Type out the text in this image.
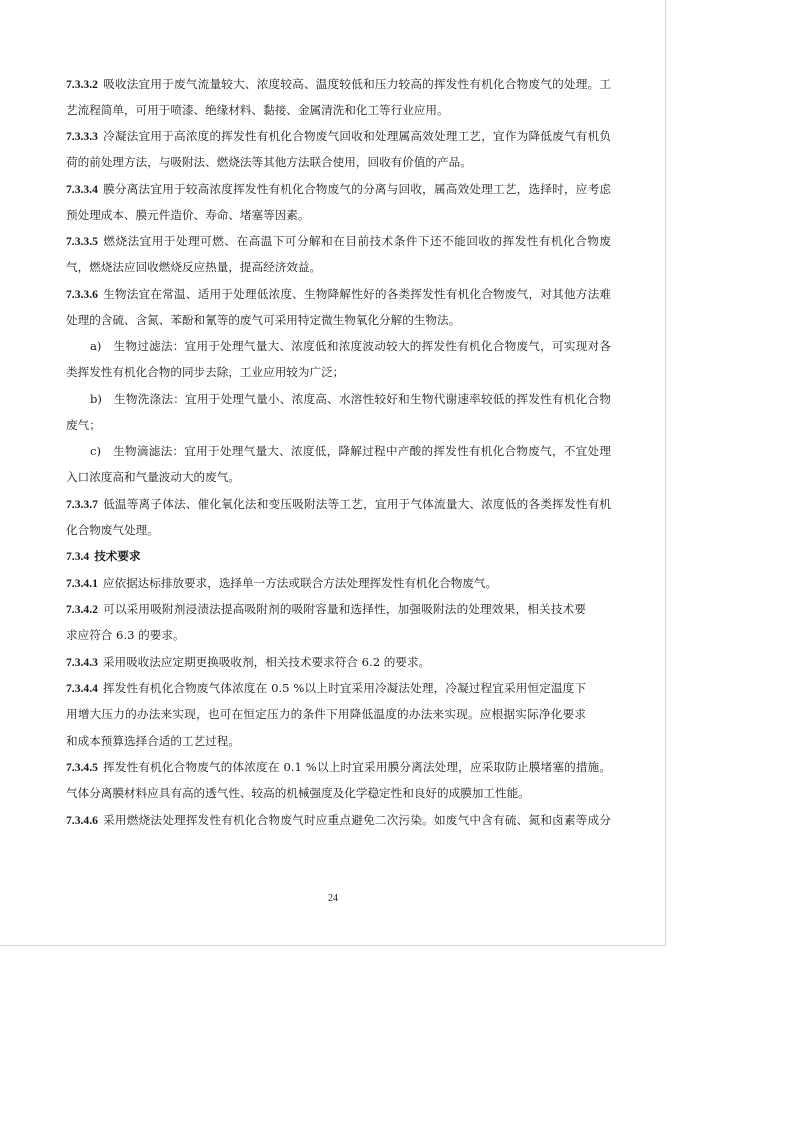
7.3.3.2 吸收法宜用于废气流量较大、浓度较高、温度较低和压力较高的挥发性有机化合物废气的处理。工
艺流程简单，可用于喷漆、绝缘材料、黏接、金属清洗和化工等行业应用。
7.3.3.3 冷凝法宜用于高浓度的挥发性有机化合物废气回收和处理属高效处理工艺，宜作为降低废气有机负
荷的前处理方法，与吸附法、燃烧法等其他方法联合使用，回收有价值的产品。
7.3.3.4 膜分离法宜用于较高浓度挥发性有机化合物废气的分离与回收，属高效处理工艺，选择时，应考虑
预处理成本、膜元件造价、寿命、堵塞等因素。
7.3.3.5 燃烧法宜用于处理可燃、在高温下可分解和在目前技术条件下还不能回收的挥发性有机化合物废
气，燃烧法应回收燃烧反应热量，提高经济效益。
7.3.3.6 生物法宜在常温、适用于处理低浓度、生物降解性好的各类挥发性有机化合物废气，对其他方法难
处理的含硫、含氮、苯酚和氰等的废气可采用特定微生物氧化分解的生物法。
a)　生物过滤法：宜用于处理气量大、浓度低和浓度波动较大的挥发性有机化合物废气，可实现对各
类挥发性有机化合物的同步去除，工业应用较为广泛；
b)　生物洗涤法：宜用于处理气量小、浓度高、水溶性较好和生物代谢速率较低的挥发性有机化合物
废气；
c)　生物滴滤法：宜用于处理气量大、浓度低，降解过程中产酸的挥发性有机化合物废气，不宜处理
入口浓度高和气量波动大的废气。
7.3.3.7 低温等离子体法、催化氧化法和变压吸附法等工艺，宜用于气体流量大、浓度低的各类挥发性有机
化合物废气处理。
7.3.4 技术要求
7.3.4.1 应依据达标排放要求，选择单一方法或联合方法处理挥发性有机化合物废气。
7.3.4.2 可以采用吸附剂浸渍法提高吸附剂的吸附容量和选择性，加强吸附法的处理效果，相关技术要
求应符合 6.3 的要求。
7.3.4.3 采用吸收法应定期更换吸收剂，相关技术要求符合 6.2 的要求。
7.3.4.4 挥发性有机化合物废气体浓度在 0.5 %以上时宜采用冷凝法处理，冷凝过程宜采用恒定温度下
用增大压力的办法来实现，也可在恒定压力的条件下用降低温度的办法来实现。应根据实际净化要求
和成本预算选择合适的工艺过程。
7.3.4.5 挥发性有机化合物废气的体浓度在 0.1 %以上时宜采用膜分离法处理，应采取防止膜堵塞的措施。
气体分离膜材料应具有高的透气性、较高的机械强度及化学稳定性和良好的成膜加工性能。
7.3.4.6 采用燃烧法处理挥发性有机化合物废气时应重点避免二次污染。如废气中含有硫、氮和卤素等成分
24
